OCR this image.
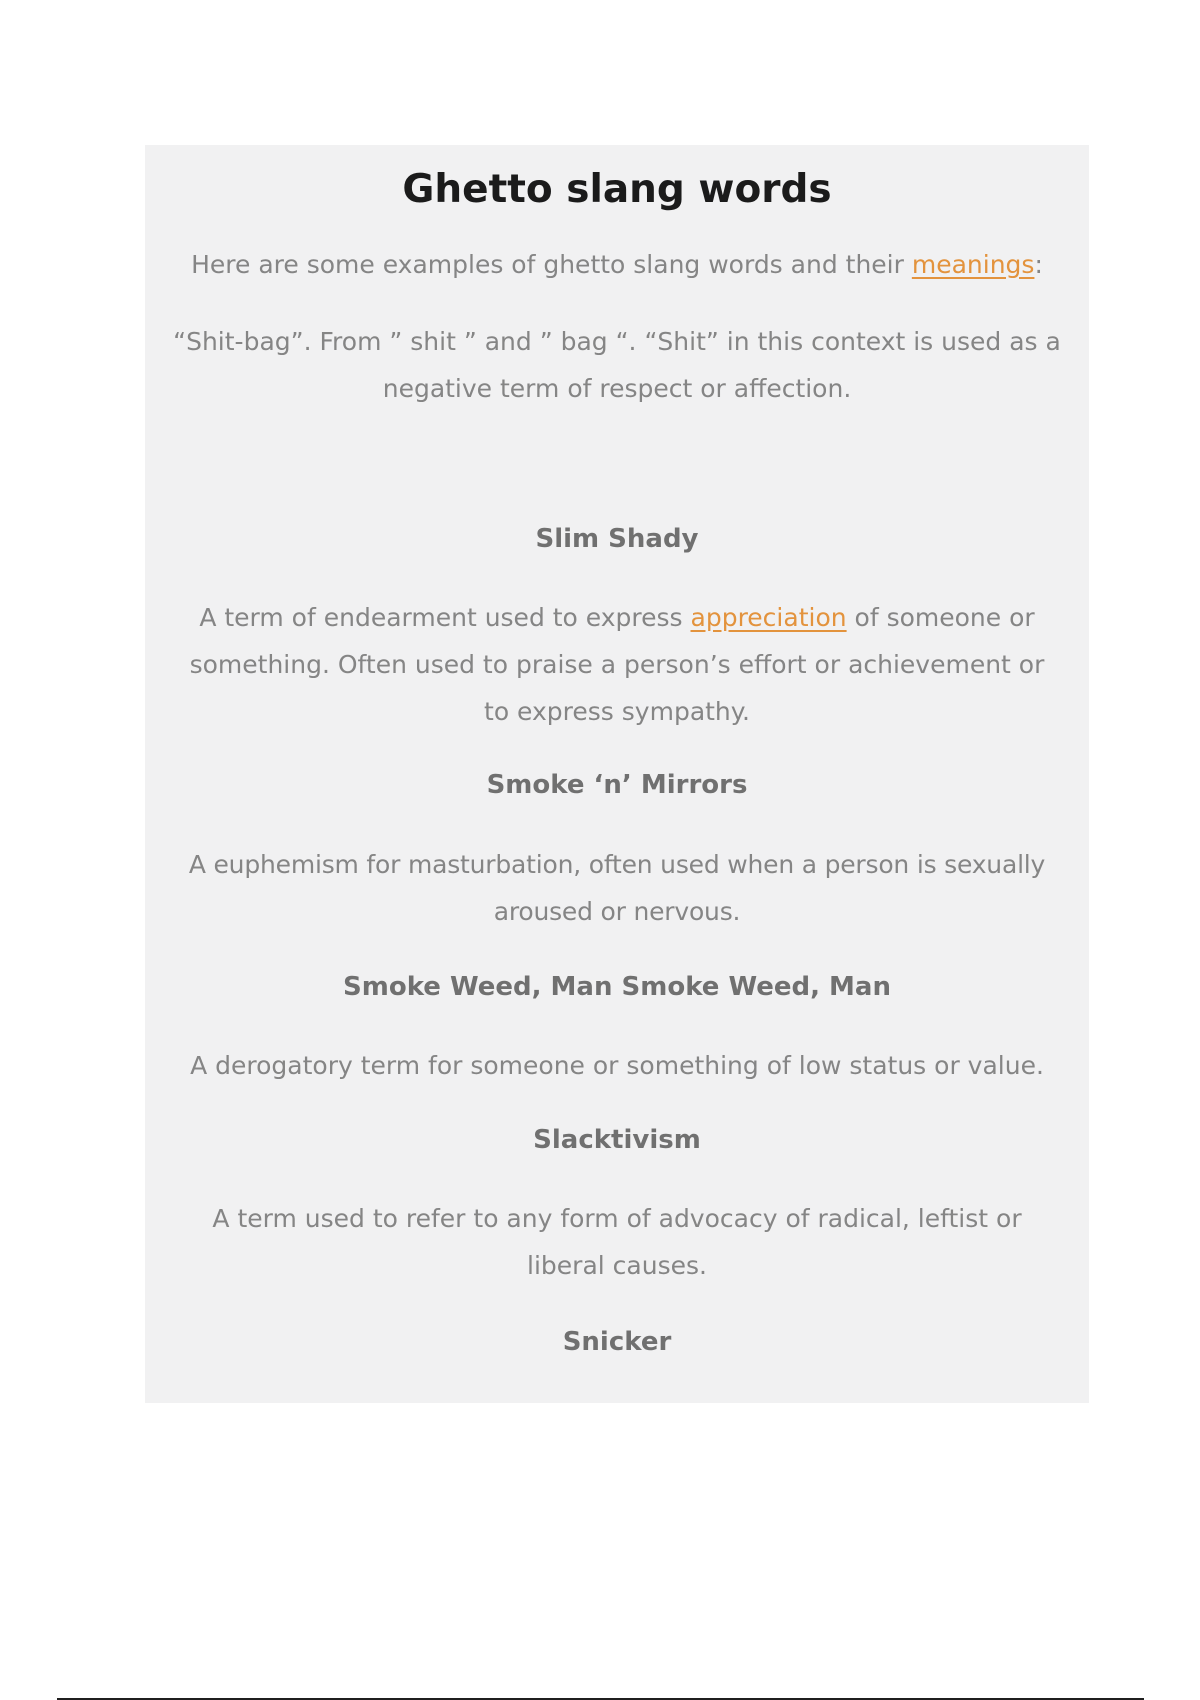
Ghetto slang words

Here are some examples of ghetto slang words and their meanings:

“Shit-bag”. From ” shit ” and ” bag “. “Shit” in this context is used as a
negative term of respect or affection.

Slim Shady

A term of endearment used to express appreciation of someone or
something. Often used to praise a person’s effort or achievement or
to express sympathy.

Smoke ‘n’ Mirrors

A euphemism for masturbation, often used when a person is sexually
aroused or nervous.

Smoke Weed, Man Smoke Weed, Man

A derogatory term for someone or something of low status or value.

Slacktivism

A term used to refer to any form of advocacy of radical, leftist or
liberal causes.

Snicker
